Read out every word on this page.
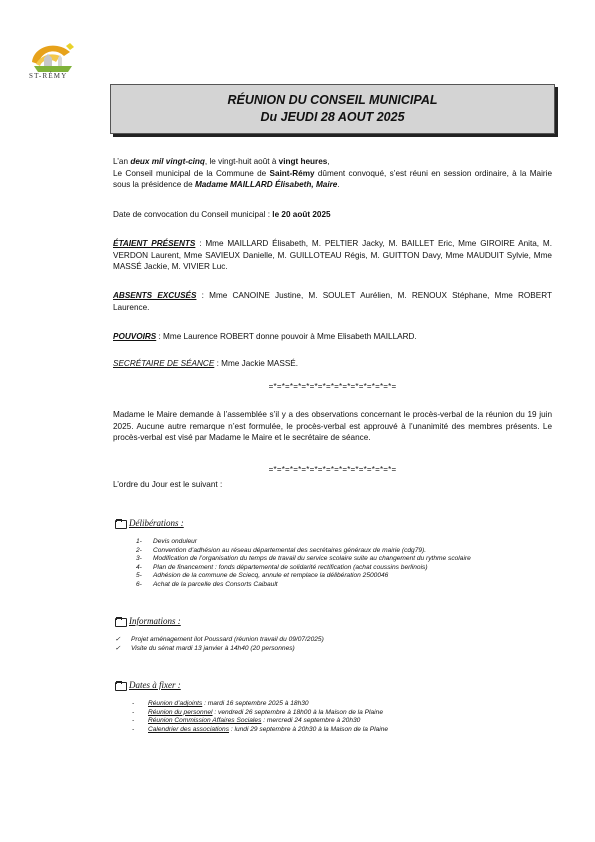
ST-RÉMY
RÉUNION DU CONSEIL MUNICIPAL
Du JEUDI 28 AOUT 2025
L’an deux mil vingt-cinq, le vingt-huit août à vingt heures,
Le Conseil municipal de la Commune de Saint-Rémy dûment convoqué, s’est réuni en session ordinaire, à la Mairie sous la présidence de Madame MAILLARD Élisabeth, Maire.
Date de convocation du Conseil municipal : le 20 août 2025
ÉTAIENT PRÉSENTS : Mme MAILLARD Élisabeth, M. PELTIER Jacky, M. BAILLET Eric, Mme GIROIRE Anita, M. VERDON Laurent, Mme SAVIEUX Danielle, M. GUILLOTEAU Régis, M. GUITTON Davy, Mme MAUDUIT Sylvie, Mme MASSÉ Jackie, M. VIVIER Luc.
ABSENTS EXCUSÉS : Mme CANOINE Justine, M. SOULET Aurélien, M. RENOUX Stéphane, Mme ROBERT Laurence.
POUVOIRS : Mme Laurence ROBERT donne pouvoir à Mme Elisabeth MAILLARD.
SECRÉTAIRE DE SÉANCE : Mme Jackie MASSÉ.
=*=*=*=*=*=*=*=*=*=*=*=*=*=*=*=
Madame le Maire demande à l’assemblée s’il y a des observations concernant le procès-verbal de la réunion du 19 juin 2025. Aucune autre remarque n’est formulée, le procès-verbal est approuvé à l’unanimité des membres présents. Le procès-verbal est visé par Madame le Maire et le secrétaire de séance.
=*=*=*=*=*=*=*=*=*=*=*=*=*=*=*=
L’ordre du Jour est le suivant :
Délibérations :
1- Devis onduleur
2- Convention d’adhésion au réseau départemental des secrétaires généraux de mairie (cdg79).
3- Modification de l’organisation du temps de travail du service scolaire suite au changement du rythme scolaire
4- Plan de financement : fonds départemental de solidarité rectification (achat coussins berlinois)
5- Adhésion de la commune de Sciecq, annule et remplace la délibération 2500046
6- Achat de la parcelle des Consorts Caibault
Informations :
✓ Projet aménagement ilot Poussard (réunion travail du 09/07/2025)
✓ Visite du sénat mardi 13 janvier à 14h40 (20 personnes)
Dates à fixer :
- Réunion d’adjoints : mardi 16 septembre 2025 à 18h30
- Réunion du personnel : vendredi 26 septembre à 18h00 à la Maison de la Plaine
- Réunion Commission Affaires Sociales : mercredi 24 septembre à 20h30
- Calendrier des associations : lundi 29 septembre à 20h30 à la Maison de la Plaine
